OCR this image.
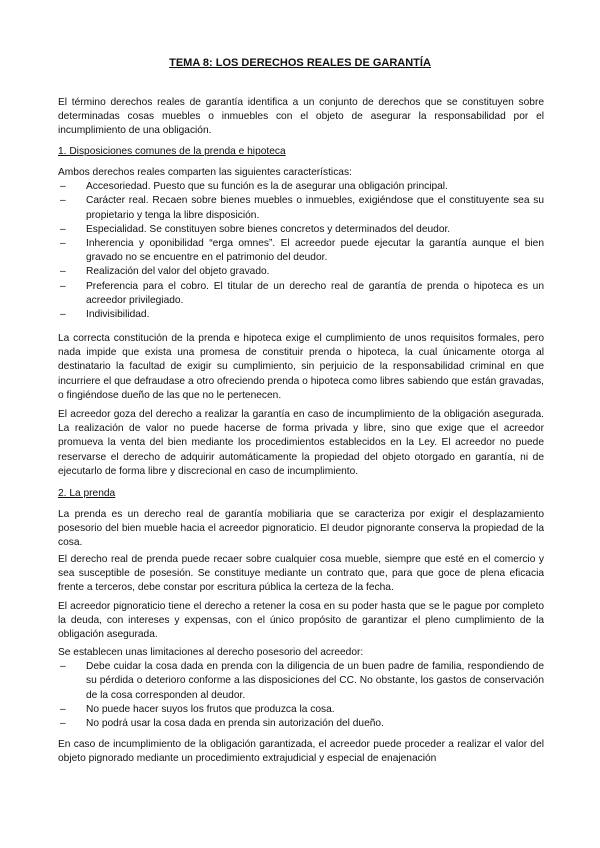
TEMA 8: LOS DERECHOS REALES DE GARANTÍA

El término derechos reales de garantía identifica a un conjunto de derechos que se constituyen sobre determinadas cosas muebles o inmuebles con el objeto de asegurar la responsabilidad por el incumplimiento de una obligación.

1. Disposiciones comunes de la prenda e hipoteca

Ambos derechos reales comparten las siguientes características:

– Accesoriedad. Puesto que su función es la de asegurar una obligación principal.
– Carácter real. Recaen sobre bienes muebles o inmuebles, exigiéndose que el constituyente sea su propietario y tenga la libre disposición.
– Especialidad. Se constituyen sobre bienes concretos y determinados del deudor.
– Inherencia y oponibilidad “erga omnes”. El acreedor puede ejecutar la garantía aunque el bien gravado no se encuentre en el patrimonio del deudor.
– Realización del valor del objeto gravado.
– Preferencia para el cobro. El titular de un derecho real de garantía de prenda o hipoteca es un acreedor privilegiado.
– Indivisibilidad.

La correcta constitución de la prenda e hipoteca exige el cumplimiento de unos requisitos formales, pero nada impide que exista una promesa de constituir prenda o hipoteca, la cual únicamente otorga al destinatario la facultad de exigir su cumplimiento, sin perjuicio de la responsabilidad criminal en que incurriere el que defraudase a otro ofreciendo prenda o hipoteca como libres sabiendo que están gravadas, o fingiéndose dueño de las que no le pertenecen.

El acreedor goza del derecho a realizar la garantía en caso de incumplimiento de la obligación asegurada. La realización de valor no puede hacerse de forma privada y libre, sino que exige que el acreedor promueva la venta del bien mediante los procedimientos establecidos en la Ley. El acreedor no puede reservarse el derecho de adquirir automáticamente la propiedad del objeto otorgado en garantía, ni de ejecutarlo de forma libre y discrecional en caso de incumplimiento.

2. La prenda

La prenda es un derecho real de garantía mobiliaria que se caracteriza por exigir el desplazamiento posesorio del bien mueble hacia el acreedor pignoraticio. El deudor pignorante conserva la propiedad de la cosa.

El derecho real de prenda puede recaer sobre cualquier cosa mueble, siempre que esté en el comercio y sea susceptible de posesión. Se constituye mediante un contrato que, para que goce de plena eficacia frente a terceros, debe constar por escritura pública la certeza de la fecha.

El acreedor pignoraticio tiene el derecho a retener la cosa en su poder hasta que se le pague por completo la deuda, con intereses y expensas, con el único propósito de garantizar el pleno cumplimiento de la obligación asegurada.

Se establecen unas limitaciones al derecho posesorio del acreedor:

– Debe cuidar la cosa dada en prenda con la diligencia de un buen padre de familia, respondiendo de su pérdida o deterioro conforme a las disposiciones del CC. No obstante, los gastos de conservación de la cosa corresponden al deudor.
– No puede hacer suyos los frutos que produzca la cosa.
– No podrá usar la cosa dada en prenda sin autorización del dueño.

En caso de incumplimiento de la obligación garantizada, el acreedor puede proceder a realizar el valor del objeto pignorado mediante un procedimiento extrajudicial y especial de enajenación
